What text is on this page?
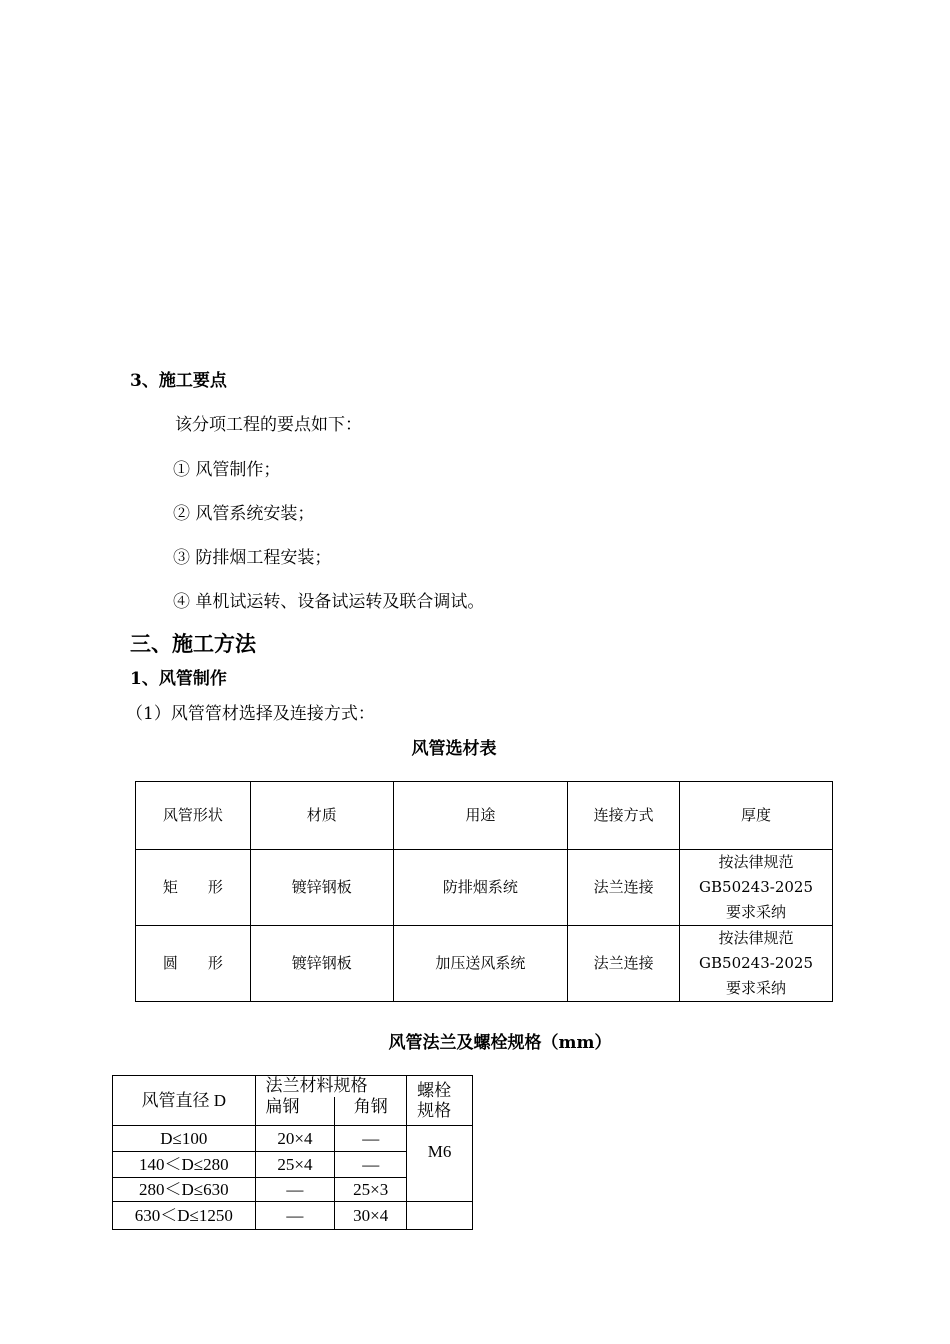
3、施工要点
该分项工程的要点如下：
① 风管制作；
② 风管系统安装；
③ 防排烟工程安装；
④ 单机试运转、设备试运转及联合调试。
三、施工方法
1、风管制作
（1）风管管材选择及连接方式：
风管选材表
风管形状	材质	用途	连接方式	厚度
矩　　形	镀锌钢板	防排烟系统	法兰连接	按法律规范 GB50243-2025 要求采纳
圆　　形	镀锌钢板	加压送风系统	法兰连接	按法律规范 GB50243-2025 要求采纳
风管法兰及螺栓规格（mm）
风管直径 D	法兰材料规格		螺栓规格
	扁钢	角钢	
D≤100	20×4	—	M6
140＜D≤280	25×4	—	
280＜D≤630	—	25×3	
630＜D≤1250	—	30×4	
